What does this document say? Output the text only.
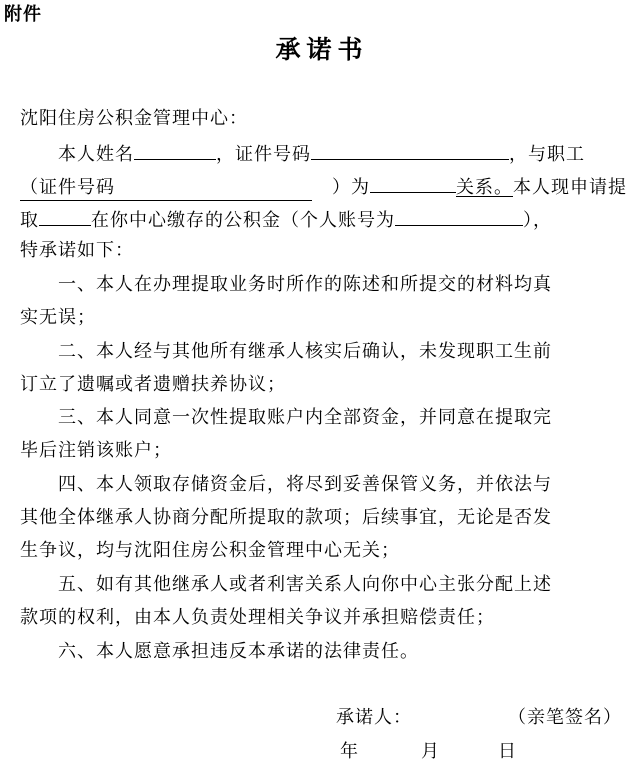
附件
承诺书
沈阳住房公积金管理中心：
本人姓名	，证件号码	，与职工
（证件号码	）为	关系。本人现申请提
取	在你中心缴存的公积金（个人账号为	），
特承诺如下：
一、本人在办理提取业务时所作的陈述和所提交的材料均真
实无误；
二、本人经与其他所有继承人核实后确认，未发现职工生前
订立了遗嘱或者遗赠扶养协议；
三、本人同意一次性提取账户内全部资金，并同意在提取完
毕后注销该账户；
四、本人领取存储资金后，将尽到妥善保管义务，并依法与
其他全体继承人协商分配所提取的款项；后续事宜，无论是否发
生争议，均与沈阳住房公积金管理中心无关；
五、如有其他继承人或者利害关系人向你中心主张分配上述
款项的权利，由本人负责处理相关争议并承担赔偿责任；
六、本人愿意承担违反本承诺的法律责任。
承诺人：	（亲笔签名）
年	月	日
